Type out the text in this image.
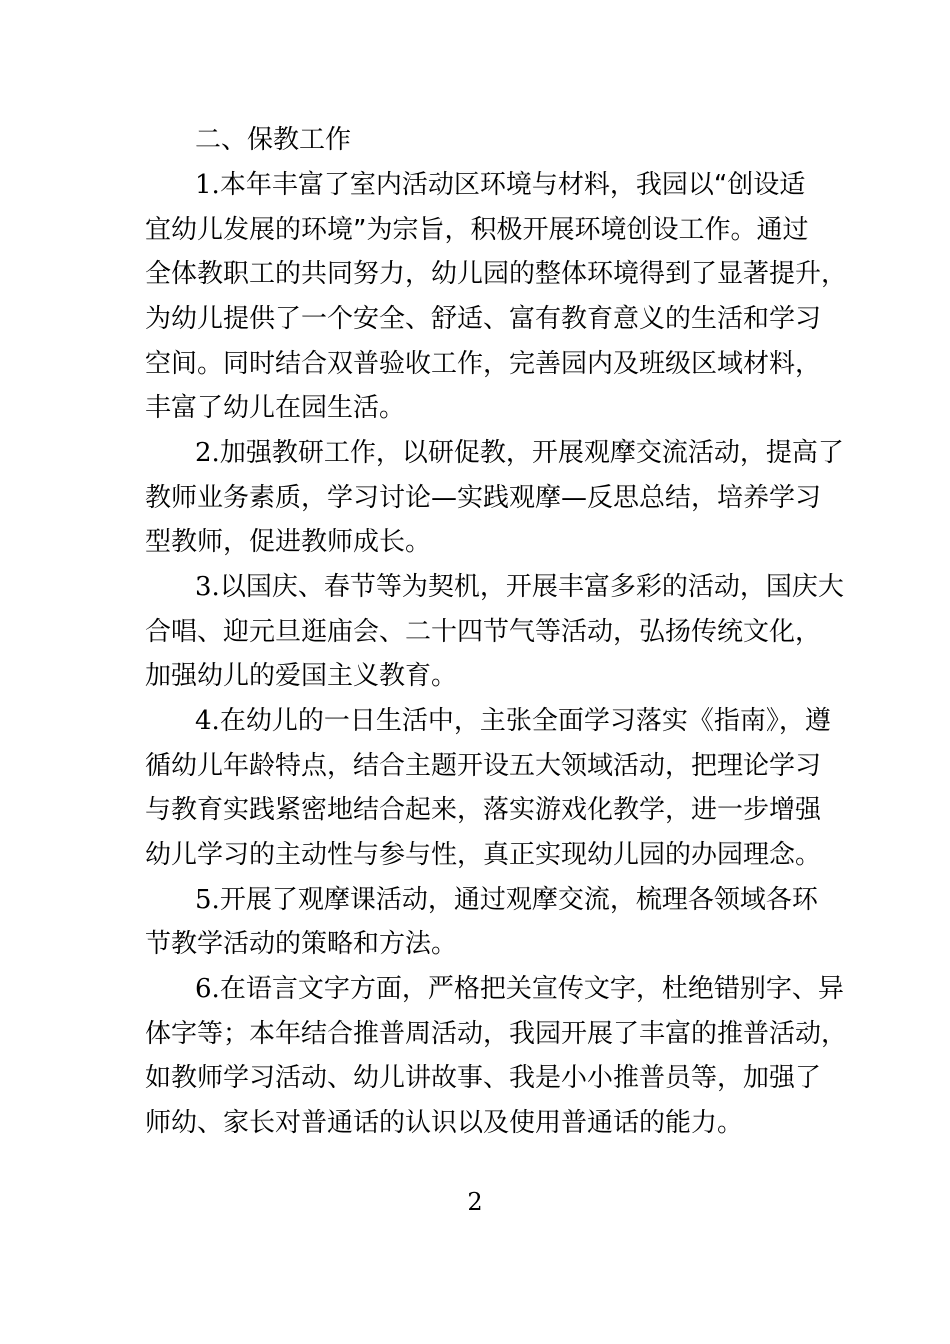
二、保教工作
1.本年丰富了室内活动区环境与材料，我园以“创设适
宜幼儿发展的环境”为宗旨，积极开展环境创设工作。通过
全体教职工的共同努力，幼儿园的整体环境得到了显著提升，
为幼儿提供了一个安全、舒适、富有教育意义的生活和学习
空间。同时结合双普验收工作，完善园内及班级区域材料，
丰富了幼儿在园生活。
2.加强教研工作，以研促教，开展观摩交流活动，提高了
教师业务素质，学习讨论—实践观摩—反思总结，培养学习
型教师，促进教师成长。
3.以国庆、春节等为契机，开展丰富多彩的活动，国庆大
合唱、迎元旦逛庙会、二十四节气等活动，弘扬传统文化，
加强幼儿的爱国主义教育。
4.在幼儿的一日生活中，主张全面学习落实《指南》，遵
循幼儿年龄特点，结合主题开设五大领域活动，把理论学习
与教育实践紧密地结合起来，落实游戏化教学，进一步增强
幼儿学习的主动性与参与性，真正实现幼儿园的办园理念。
5.开展了观摩课活动，通过观摩交流，梳理各领域各环
节教学活动的策略和方法。
6.在语言文字方面，严格把关宣传文字，杜绝错别字、异
体字等；本年结合推普周活动，我园开展了丰富的推普活动，
如教师学习活动、幼儿讲故事、我是小小推普员等，加强了
师幼、家长对普通话的认识以及使用普通话的能力。
2
